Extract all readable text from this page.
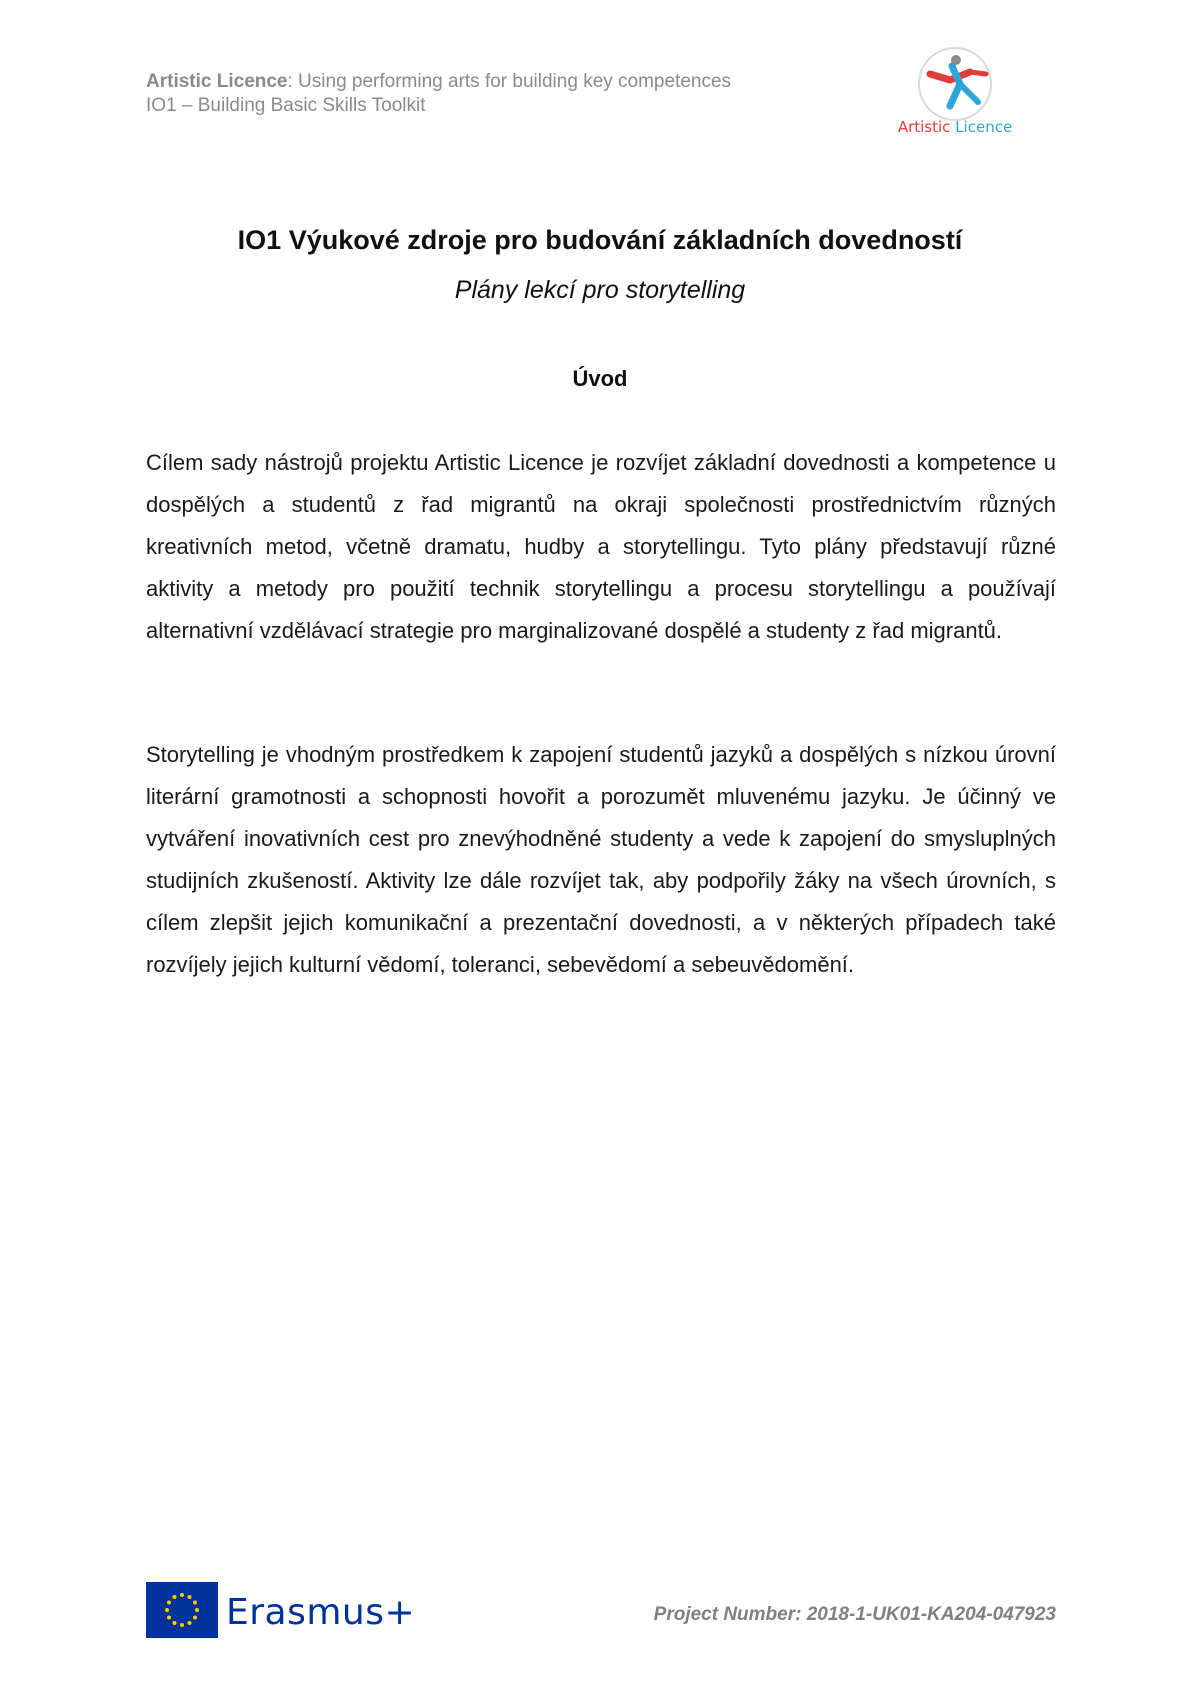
Artistic Licence: Using performing arts for building key competences
IO1 – Building Basic Skills Toolkit
Artistic Licence
IO1 Výukové zdroje pro budování základních dovedností
Plány lekcí pro storytelling
Úvod

Cílem sady nástrojů projektu Artistic Licence je rozvíjet základní dovednosti a kompetence u dospělých a studentů z řad migrantů na okraji společnosti prostřednictvím různých kreativních metod, včetně dramatu, hudby a storytellingu. Tyto plány představují různé aktivity a metody pro použití technik storytellingu a procesu storytellingu a používají alternativní vzdělávací strategie pro marginalizované dospělé a studenty z řad migrantů.

Storytelling je vhodným prostředkem k zapojení studentů jazyků a dospělých s nízkou úrovní literární gramotnosti a schopnosti hovořit a porozumět mluvenému jazyku. Je účinný ve vytváření inovativních cest pro znevýhodněné studenty a vede k zapojení do smysluplných studijních zkušeností. Aktivity lze dále rozvíjet tak, aby podpořily žáky na všech úrovních, s cílem zlepšit jejich komunikační a prezentační dovednosti, a v některých případech také rozvíjely jejich kulturní vědomí, toleranci, sebevědomí a sebeuvědomění.

Erasmus+	Project Number: 2018-1-UK01-KA204-047923
